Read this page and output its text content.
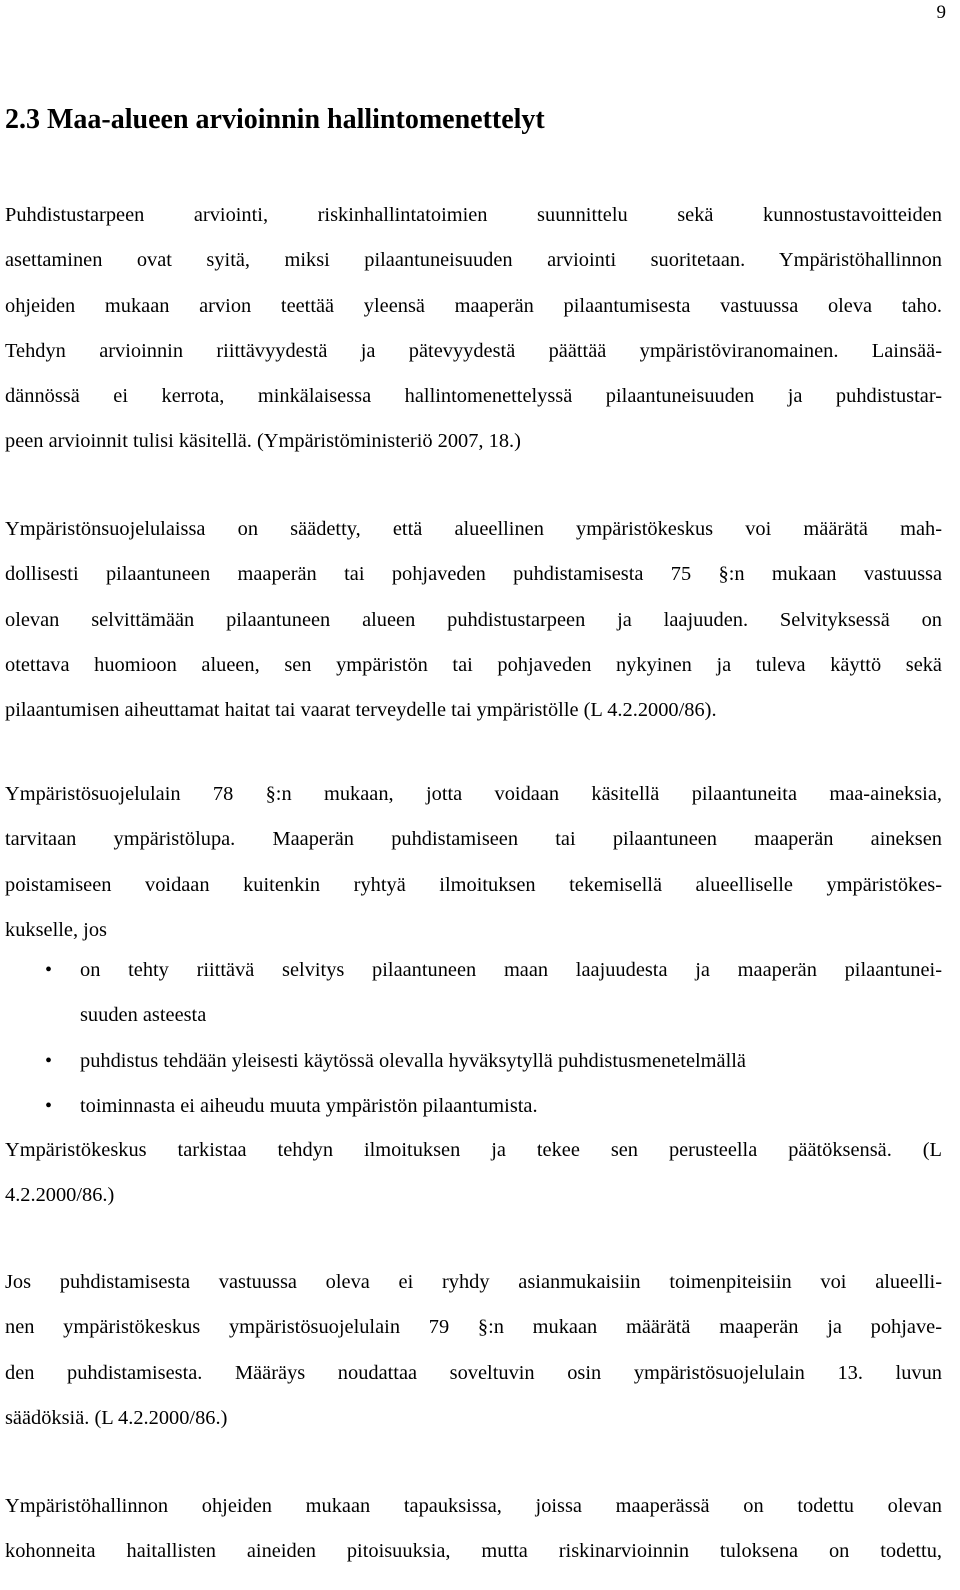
9
2.3 Maa-alueen arvioinnin hallintomenettelyt

Puhdistustarpeen arviointi, riskinhallintatoimien suunnittelu sekä kunnostustavoitteiden
asettaminen ovat syitä, miksi pilaantuneisuuden arviointi suoritetaan. Ympäristöhallinnon
ohjeiden mukaan arvion teettää yleensä maaperän pilaantumisesta vastuussa oleva taho.
Tehdyn arvioinnin riittävyydestä ja pätevyydestä päättää ympäristöviranomainen. Lainsää-
dännössä ei kerrota, minkälaisessa hallintomenettelyssä pilaantuneisuuden ja puhdistustar-
peen arvioinnit tulisi käsitellä. (Ympäristöministeriö 2007, 18.)

Ympäristönsuojelulaissa on säädetty, että alueellinen ympäristökeskus voi määrätä mah-
dollisesti pilaantuneen maaperän tai pohjaveden puhdistamisesta 75 §:n mukaan vastuussa
olevan selvittämään pilaantuneen alueen puhdistustarpeen ja laajuuden. Selvityksessä on
otettava huomioon alueen, sen ympäristön tai pohjaveden nykyinen ja tuleva käyttö sekä
pilaantumisen aiheuttamat haitat tai vaarat terveydelle tai ympäristölle (L 4.2.2000/86).

Ympäristösuojelulain 78 §:n mukaan, jotta voidaan käsitellä pilaantuneita maa-aineksia,
tarvitaan ympäristölupa. Maaperän puhdistamiseen tai pilaantuneen maaperän aineksen
poistamiseen voidaan kuitenkin ryhtyä ilmoituksen tekemisellä alueelliselle ympäristökes-
kukselle, jos

• on tehty riittävä selvitys pilaantuneen maan laajuudesta ja maaperän pilaantunei-
suuden asteesta
• puhdistus tehdään yleisesti käytössä olevalla hyväksytyllä puhdistusmenetelmällä
• toiminnasta ei aiheudu muuta ympäristön pilaantumista.

Ympäristökeskus tarkistaa tehdyn ilmoituksen ja tekee sen perusteella päätöksensä. (L
4.2.2000/86.)

Jos puhdistamisesta vastuussa oleva ei ryhdy asianmukaisiin toimenpiteisiin voi alueelli-
nen ympäristökeskus ympäristösuojelulain 79 §:n mukaan määrätä maaperän ja pohjave-
den puhdistamisesta. Määräys noudattaa soveltuvin osin ympäristösuojelulain 13. luvun
säädöksiä. (L 4.2.2000/86.)

Ympäristöhallinnon ohjeiden mukaan tapauksissa, joissa maaperässä on todettu olevan
kohonneita haitallisten aineiden pitoisuuksia, mutta riskinarvioinnin tuloksena on todettu,
